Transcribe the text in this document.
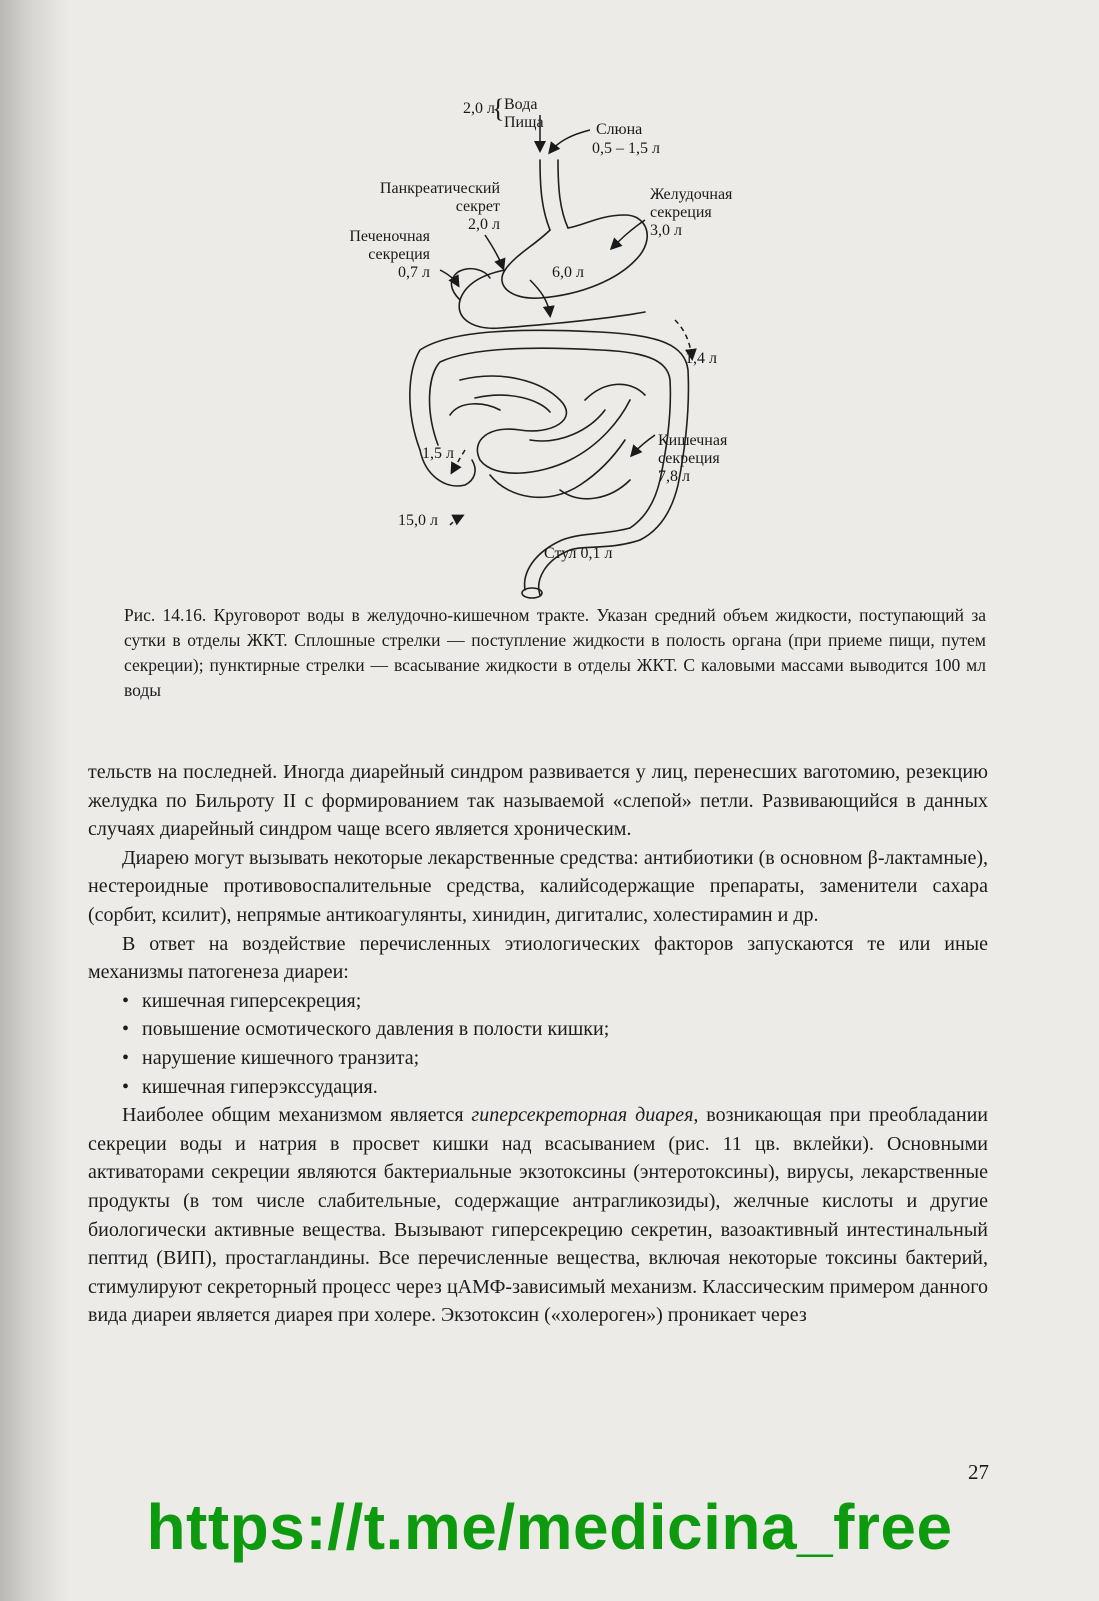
2,0 л
{ Вода
Пища	Слюна
0,5 – 1,5 л
Панкреатический
секрет
2,0 л
Желудочная
секреция
3,0 л
Печеночная
секреция
0,7 л	6,0 л
1,4 л
1,5 л
Кишечная
секреция
7,8 л
15,0 л
Стул 0,1 л
Рис. 14.16. Круговорот воды в желудочно-кишечном тракте. Указан средний объем жидкости, поступающий за сутки в отделы ЖКТ. Сплошные стрелки — поступление жидкости в полость органа (при приеме пищи, путем секреции); пунктирные стрелки — всасывание жидкости в отделы ЖКТ. С каловыми массами выводится 100 мл воды

тельств на последней. Иногда диарейный синдром развивается у лиц, перенесших ваготомию, резекцию желудка по Бильроту II с формированием так называемой «слепой» петли. Развивающийся в данных случаях диарейный синдром чаще всего является хроническим.

Диарею могут вызывать некоторые лекарственные средства: антибиотики (в основном β-лактамные), нестероидные противовоспалительные средства, калийсодержащие препараты, заменители сахара (сорбит, ксилит), непрямые антикоагулянты, хинидин, дигиталис, холестирамин и др.

В ответ на воздействие перечисленных этиологических факторов запускаются те или иные механизмы патогенеза диареи:

• кишечная гиперсекреция;
• повышение осмотического давления в полости кишки;
• нарушение кишечного транзита;
• кишечная гиперэкссудация.

Наиболее общим механизмом является гиперсекреторная диарея, возникающая при преобладании секреции воды и натрия в просвет кишки над всасыванием (рис. 11 цв. вклейки). Основными активаторами секреции являются бактериальные экзотоксины (энтеротоксины), вирусы, лекарственные продукты (в том числе слабительные, содержащие антрагликозиды), желчные кислоты и другие биологически активные вещества. Вызывают гиперсекрецию секретин, вазоактивный интестинальный пептид (ВИП), простагландины. Все перечисленные вещества, включая некоторые токсины бактерий, стимулируют секреторный процесс через цАМФ-зависимый механизм. Классическим примером данного вида диареи является диарея при холере. Экзотоксин («холероген») проникает через

27
https://t.me/medicina_free
